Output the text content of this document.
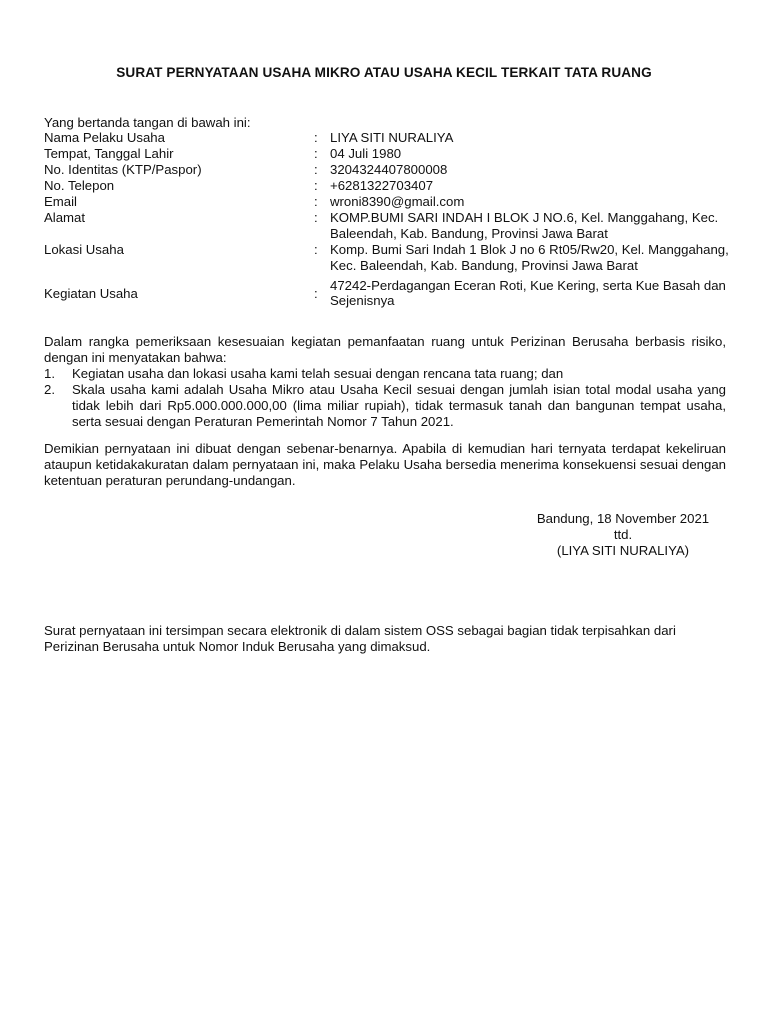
SURAT PERNYATAAN USAHA MIKRO ATAU USAHA KECIL TERKAIT TATA RUANG
Yang bertanda tangan di bawah ini:
Nama Pelaku Usaha	: LIYA SITI NURALIYA
Tempat, Tanggal Lahir	: 04 Juli 1980
No. Identitas (KTP/Paspor)	: 3204324407800008
No. Telepon	: +6281322703407
Email	: wroni8390@gmail.com
Alamat	: KOMP.BUMI SARI INDAH I BLOK J NO.6, Kel. Manggahang, Kec. Baleendah, Kab. Bandung, Provinsi Jawa Barat
Lokasi Usaha	: Komp. Bumi Sari Indah 1 Blok J no 6 Rt05/Rw20, Kel. Manggahang, Kec. Baleendah, Kab. Bandung, Provinsi Jawa Barat
Kegiatan Usaha	:
47242-Perdagangan Eceran Roti, Kue Kering, serta Kue Basah dan Sejenisnya
Dalam rangka pemeriksaan kesesuaian kegiatan pemanfaatan ruang untuk Perizinan Berusaha berbasis risiko, dengan ini menyatakan bahwa:
1. Kegiatan usaha dan lokasi usaha kami telah sesuai dengan rencana tata ruang; dan
2. Skala usaha kami adalah Usaha Mikro atau Usaha Kecil sesuai dengan jumlah isian total modal usaha yang tidak lebih dari Rp5.000.000.000,00 (lima miliar rupiah), tidak termasuk tanah dan bangunan tempat usaha, serta sesuai dengan Peraturan Pemerintah Nomor 7 Tahun 2021.
Demikian pernyataan ini dibuat dengan sebenar-benarnya. Apabila di kemudian hari ternyata terdapat kekeliruan ataupun ketidakakuratan dalam pernyataan ini, maka Pelaku Usaha bersedia menerima konsekuensi sesuai dengan ketentuan peraturan perundang-undangan.
Bandung, 18 November 2021
ttd.
(LIYA SITI NURALIYA)
Surat pernyataan ini tersimpan secara elektronik di dalam sistem OSS sebagai bagian tidak terpisahkan dari Perizinan Berusaha untuk Nomor Induk Berusaha yang dimaksud.
